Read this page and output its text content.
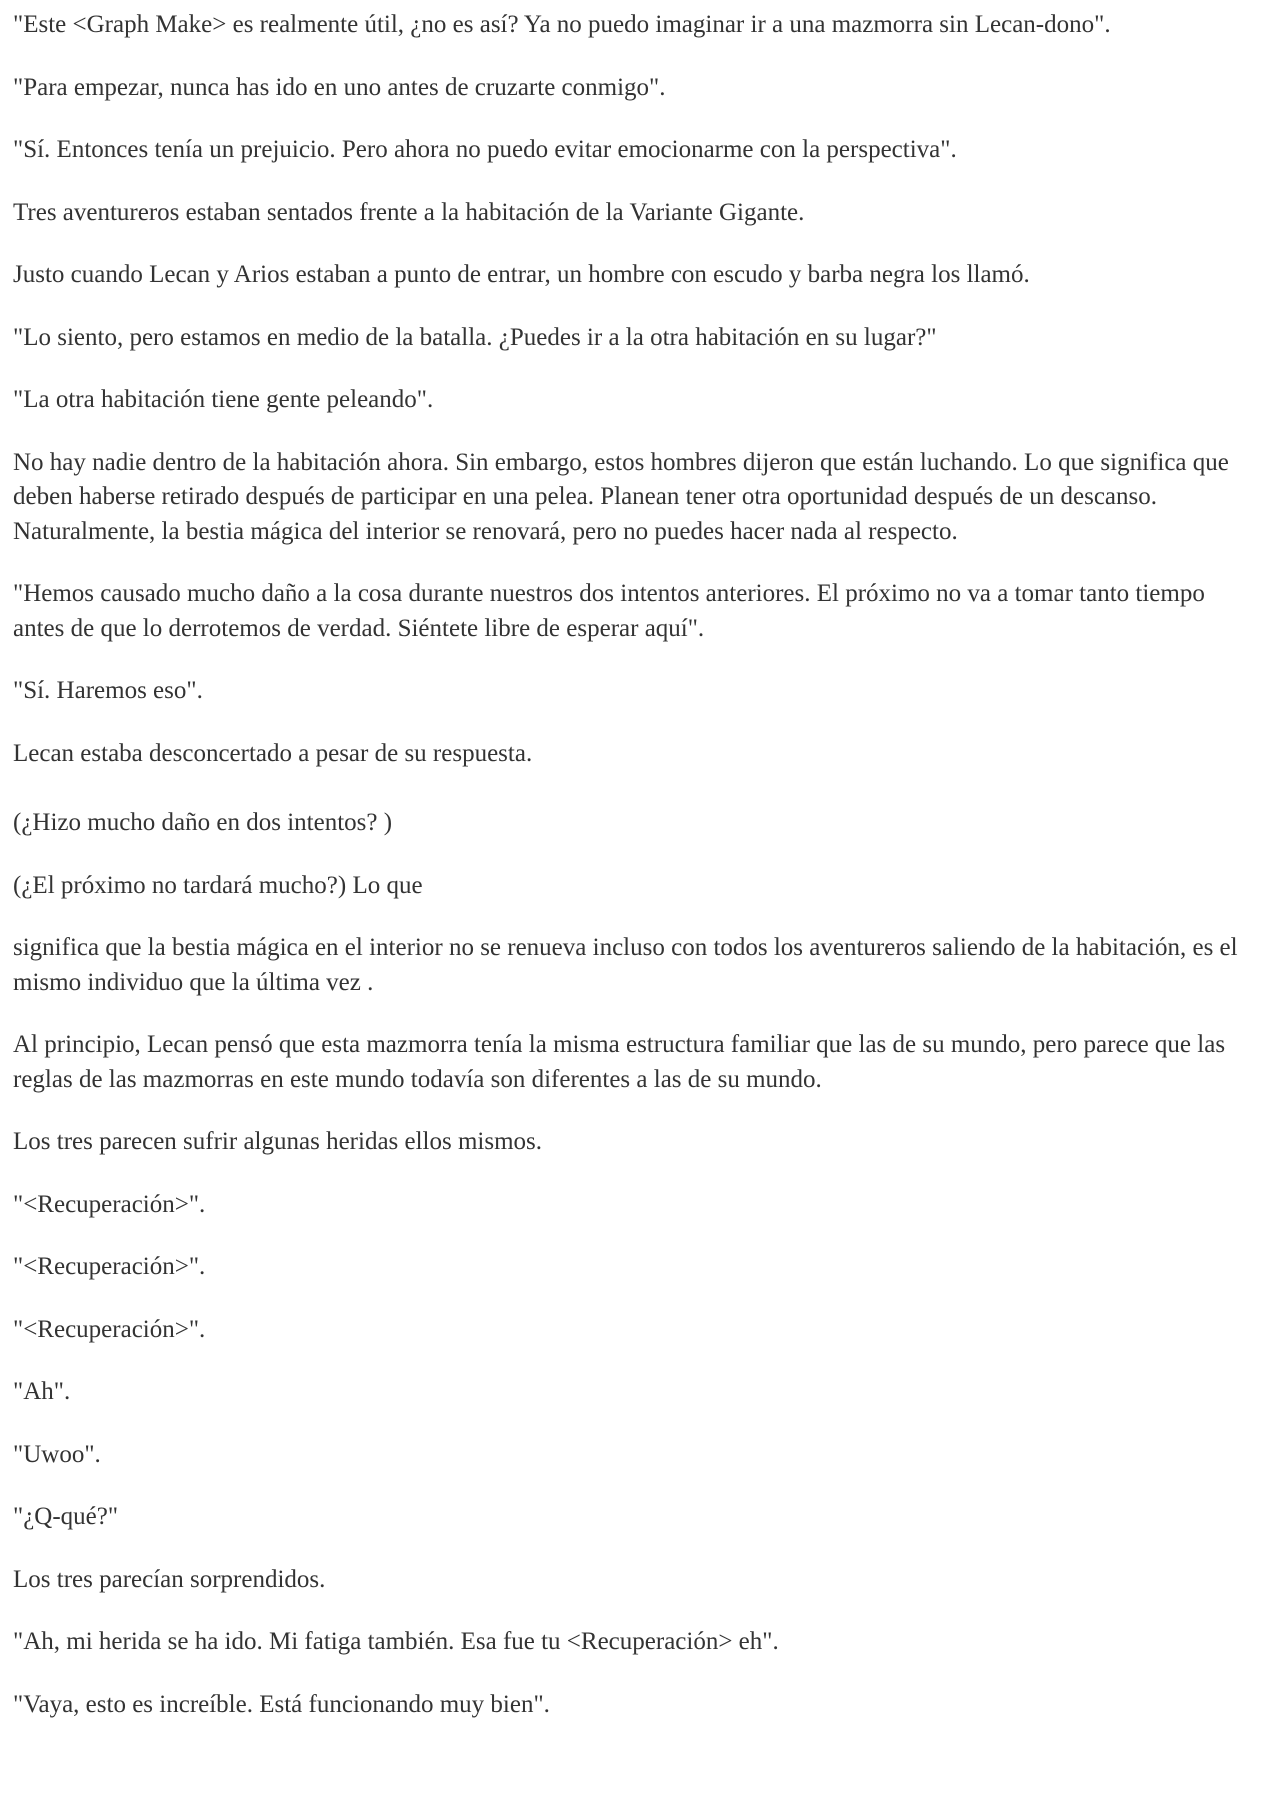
"Este <Graph Make> es realmente útil, ¿no es así? Ya no puedo imaginar ir a una mazmorra sin Lecan-dono".

"Para empezar, nunca has ido en uno antes de cruzarte conmigo".

"Sí. Entonces tenía un prejuicio. Pero ahora no puedo evitar emocionarme con la perspectiva".

Tres aventureros estaban sentados frente a la habitación de la Variante Gigante.

Justo cuando Lecan y Arios estaban a punto de entrar, un hombre con escudo y barba negra los llamó.

"Lo siento, pero estamos en medio de la batalla. ¿Puedes ir a la otra habitación en su lugar?"

"La otra habitación tiene gente peleando".

No hay nadie dentro de la habitación ahora. Sin embargo, estos hombres dijeron que están luchando. Lo que significa que deben haberse retirado después de participar en una pelea. Planean tener otra oportunidad después de un descanso. Naturalmente, la bestia mágica del interior se renovará, pero no puedes hacer nada al respecto.

"Hemos causado mucho daño a la cosa durante nuestros dos intentos anteriores. El próximo no va a tomar tanto tiempo antes de que lo derrotemos de verdad. Siéntete libre de esperar aquí".

"Sí. Haremos eso".

Lecan estaba desconcertado a pesar de su respuesta.

(¿Hizo mucho daño en dos intentos? )

(¿El próximo no tardará mucho?) Lo que

significa que la bestia mágica en el interior no se renueva incluso con todos los aventureros saliendo de la habitación, es el mismo individuo que la última vez .

Al principio, Lecan pensó que esta mazmorra tenía la misma estructura familiar que las de su mundo, pero parece que las reglas de las mazmorras en este mundo todavía son diferentes a las de su mundo.

Los tres parecen sufrir algunas heridas ellos mismos.

"<Recuperación>".

"<Recuperación>".

"<Recuperación>".

"Ah".

"Uwoo".

"¿Q-qué?"

Los tres parecían sorprendidos.

"Ah, mi herida se ha ido. Mi fatiga también. Esa fue tu <Recuperación> eh".

"Vaya, esto es increíble. Está funcionando muy bien".
